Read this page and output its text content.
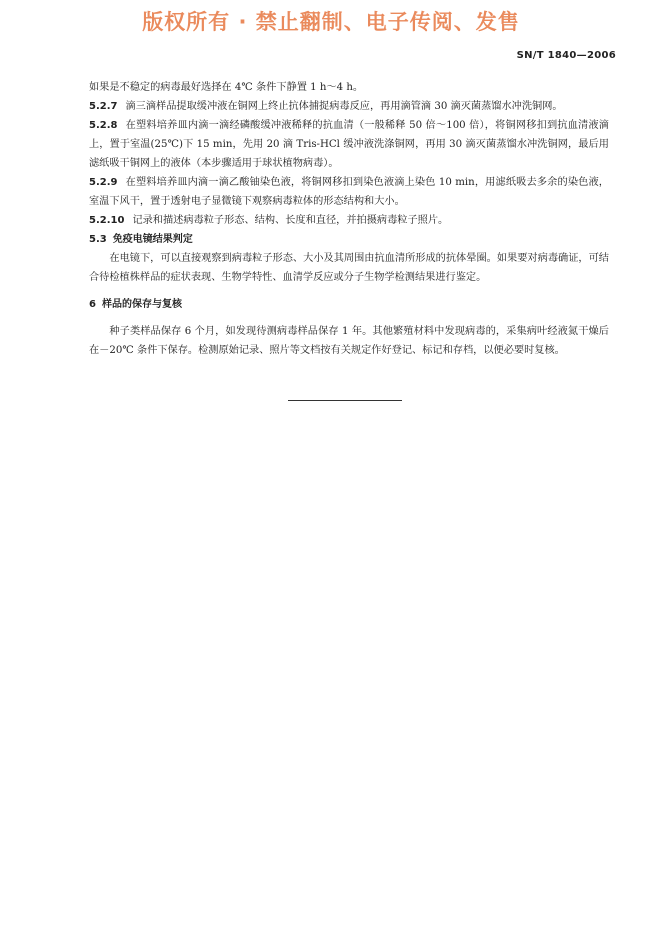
版权所有 · 禁止翻制、电子传阅、发售
SN/T 1840—2006

如果是不稳定的病毒最好选择在 4℃ 条件下静置 1 h～4 h。

5.2.7 滴三滴样品提取缓冲液在铜网上终止抗体捕捉病毒反应，再用滴管滴 30 滴灭菌蒸馏水冲洗铜网。

5.2.8 在塑料培养皿内滴一滴经磷酸缓冲液稀释的抗血清（一般稀释 50 倍～100 倍），将铜网移扣到抗血清液滴上，置于室温(25℃)下 15 min，先用 20 滴 Tris-HCl 缓冲液洗涤铜网，再用 30 滴灭菌蒸馏水冲洗铜网，最后用滤纸吸干铜网上的液体（本步骤适用于球状植物病毒）。

5.2.9 在塑料培养皿内滴一滴乙酸铀染色液，将铜网移扣到染色液滴上染色 10 min，用滤纸吸去多余的染色液，室温下风干，置于透射电子显微镜下观察病毒粒体的形态结构和大小。

5.2.10 记录和描述病毒粒子形态、结构、长度和直径，并拍摄病毒粒子照片。

5.3 免疫电镜结果判定

在电镜下，可以直接观察到病毒粒子形态、大小及其周围由抗血清所形成的抗体晕圈。如果要对病毒确证，可结合待检植株样品的症状表现、生物学特性、血清学反应或分子生物学检测结果进行鉴定。

6 样品的保存与复核

种子类样品保存 6 个月，如发现待测病毒样品保存 1 年。其他繁殖材料中发现病毒的，采集病叶经液氮干燥后在－20℃ 条件下保存。检测原始记录、照片等文档按有关规定作好登记、标记和存档，以便必要时复核。
